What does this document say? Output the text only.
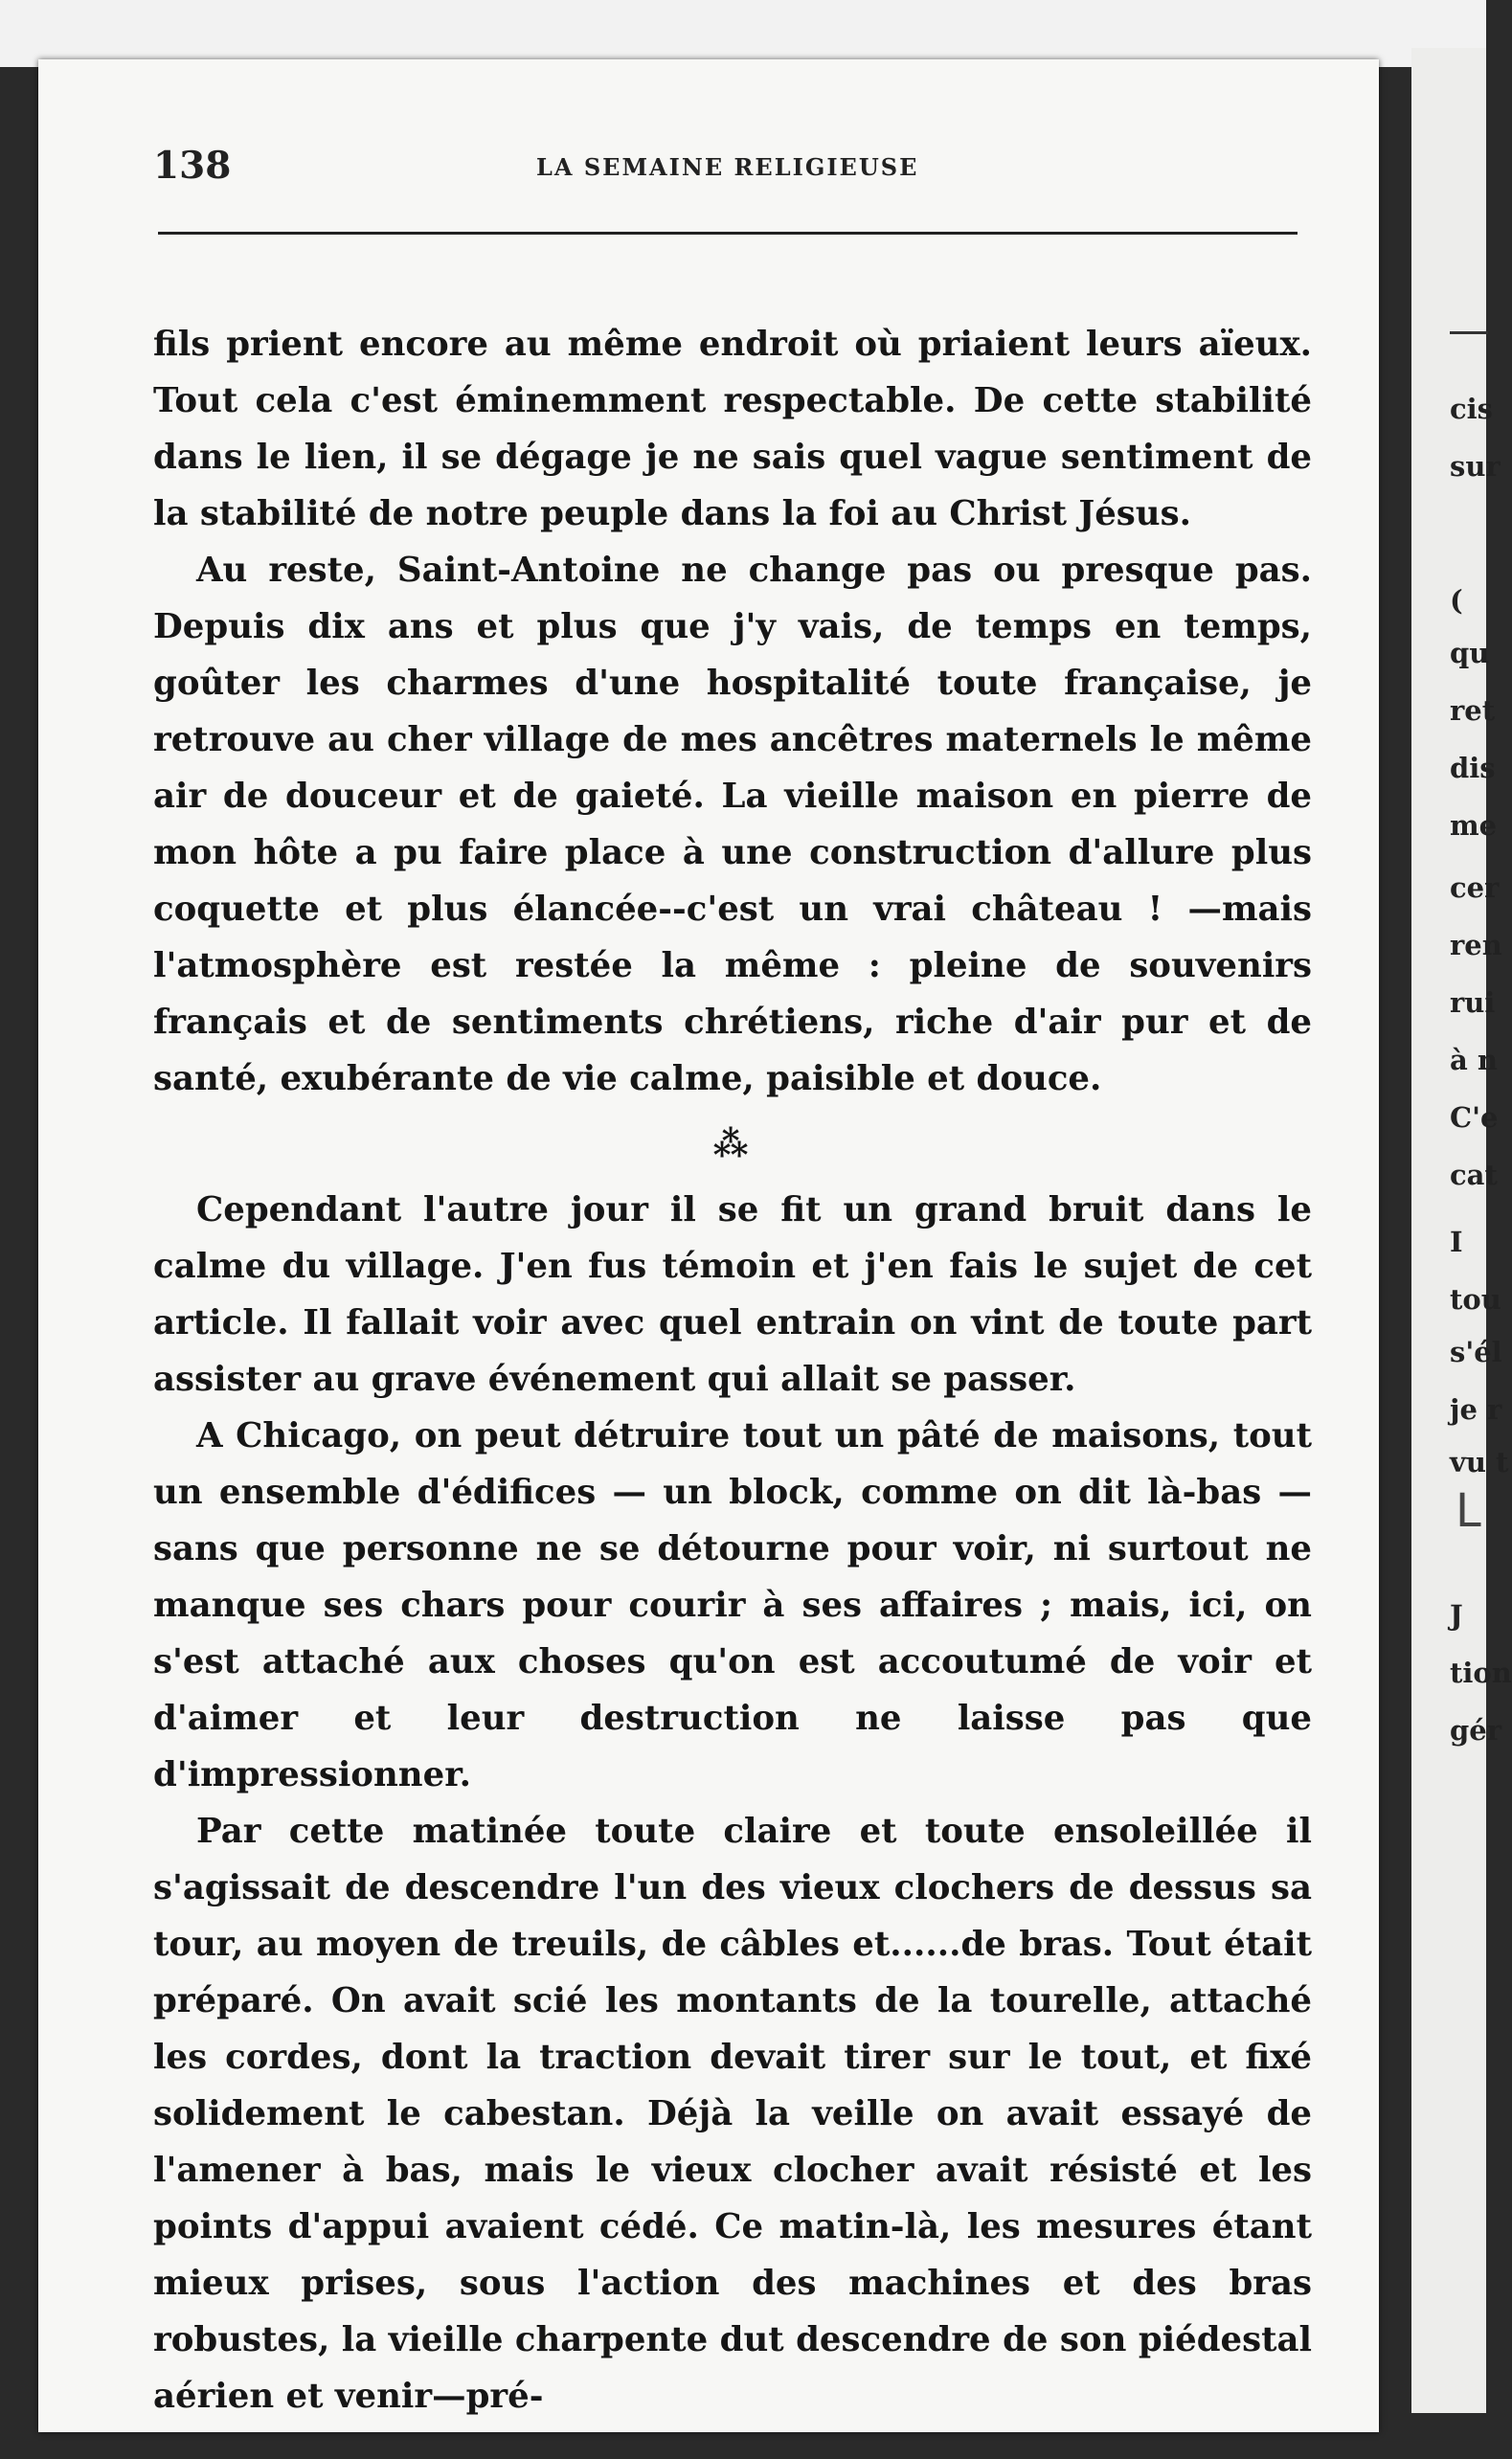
138	LA SEMAINE RELIGIEUSE

fils prient encore au même endroit où priaient leurs aïeux. Tout cela c'est éminemment respectable. De cette stabilité dans le lien, il se dégage je ne sais quel vague sentiment de la stabilité de notre peuple dans la foi au Christ Jésus.

Au reste, Saint-Antoine ne change pas ou presque pas. Depuis dix ans et plus que j'y vais, de temps en temps, goûter les charmes d'une hospitalité toute française, je retrouve au cher village de mes ancêtres maternels le même air de douceur et de gaieté. La vieille maison en pierre de mon hôte a pu faire place à une construction d'allure plus coquette et plus élancée--c'est un vrai château ! —mais l'atmosphère est restée la même : pleine de souvenirs français et de sentiments chrétiens, riche d'air pur et de santé, exubérante de vie calme, paisible et douce.

⁂

Cependant l'autre jour il se fit un grand bruit dans le calme du village. J'en fus témoin et j'en fais le sujet de cet article. Il fallait voir avec quel entrain on vint de toute part assister au grave événement qui allait se passer.

A Chicago, on peut détruire tout un pâté de maisons, tout un ensemble d'édifices — un block, comme on dit là-bas — sans que personne ne se détourne pour voir, ni surtout ne manque ses chars pour courir à ses affaires ; mais, ici, on s'est attaché aux choses qu'on est accoutumé de voir et d'aimer et leur destruction ne laisse pas que d'impressionner.

Par cette matinée toute claire et toute ensoleillée il s'agissait de descendre l'un des vieux clochers de dessus sa tour, au moyen de treuils, de câbles et......de bras. Tout était préparé. On avait scié les montants de la tourelle, attaché les cordes, dont la traction devait tirer sur le tout, et fixé solidement le cabestan. Déjà la veille on avait essayé de l'amener à bas, mais le vieux clocher avait résisté et les points d'appui avaient cédé. Ce matin-là, les mesures étant mieux prises, sous l'action des machines et des bras robustes, la vieille charpente dut descendre de son piédestal aérien et venir—pré-

cis
sur
(
qu
ret
dis
me
cer
ren
rui
à n
C'e
cat
I
tou
s'él
je r
vu t
J
tion
gér
L
